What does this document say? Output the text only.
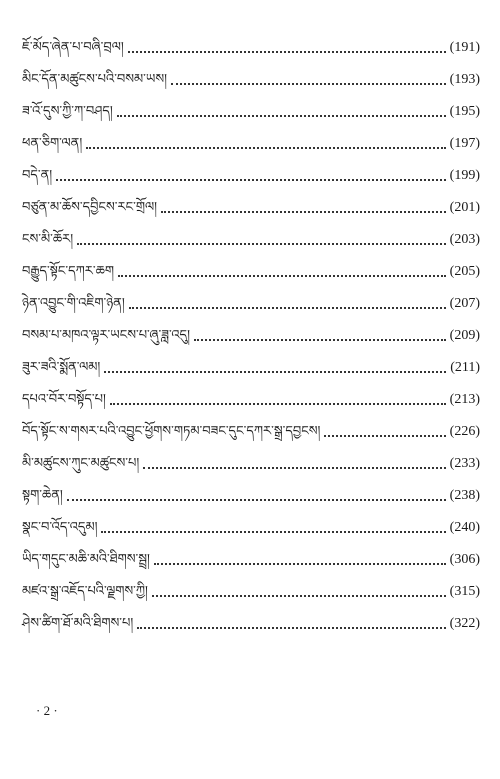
ཇོ་མོད་ཞེན་པ་བཞི་བྲལ།	(191)
མིང་དོན་མཚུངས་པའི་བསམ་ཡས།	(193)
ཟ་འོ་དུས་ཀྱི་ཀ་བཤད།	(195)
ཕན་ཅིག་ལན།	(197)
བདེ་ན།	(199)
བཙུན་མ་ཆོས་དབྱིངས་རང་གྲོལ།	(201)
ངས་མི་ཆོར།	(203)
བརྒྱུད་སྟོང་དཀར་ཆག	(205)
ཉེན་འབྱུང་གི་འཇིག་ཉེན།	(207)
བསམ་པ་མཁའ་ལྟར་ཡངས་པ་ཞུ་ཟླ་འདུ།	(209)
ཟུར་ཟའི་སྨོན་ལམ།	(211)
དཔའ་བོར་བསྟོད་པ།	(213)
བོད་སྟོང་ས་གསར་པའི་འབྱུང་ཕྱོགས་གཏམ་བཟང་དུང་དཀར་སྒྲ་དབྱངས།	(226)
མི་མཚུངས་ཀུང་མཚུངས་པ།	(233)
སྟག་ཆེན།	(238)
སྣང་བ་འོད་འདུམ།	(240)
ཡིད་གདུང་མཆི་མའི་ཐིགས་སྦྲ།	(306)
མཛའ་སྒྲ་འཇོད་པའི་ལྗགས་ཀྱི།	(315)
ཤེས་ཚིག་ཐོ་མའི་ཐིགས་པ།	(322)
· 2 ·
